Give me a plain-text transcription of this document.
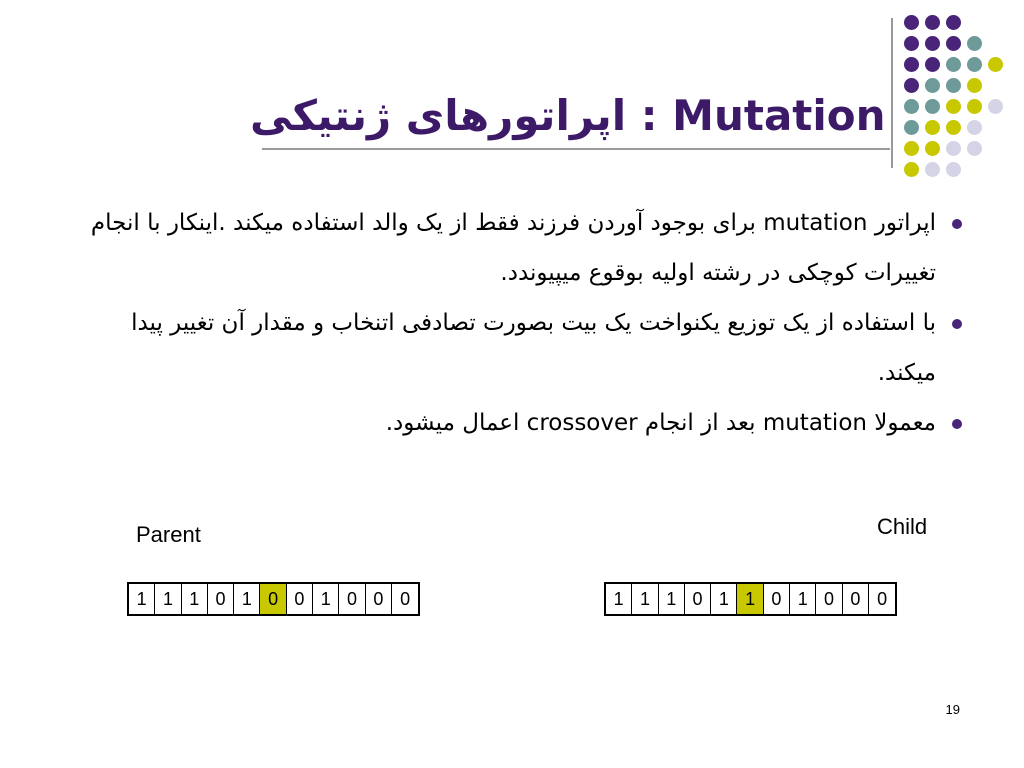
اپراتورهای ژنتیکی : Mutation
اپراتور mutation برای بوجود آوردن فرزند فقط از یک والد استفاده میکند .اینکار با انجام تغییرات کوچکی در رشته اولیه بوقوع میپیوندد.
با استفاده از یک توزیع یکنواخت یک بیت بصورت تصادفی اتنخاب و مقدار آن تغییر پیدا میکند.
معمولا mutation بعد از انجام crossover اعمال میشود.
Parent	Child
1 1 1 0 1 0 0 1 0 0 0	1 1 1 0 1 1 0 1 0 0 0
19
